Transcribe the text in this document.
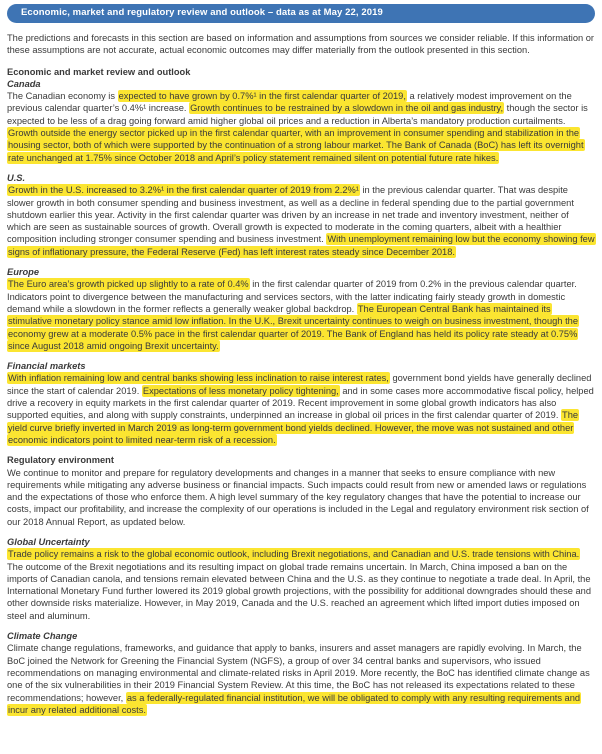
Economic, market and regulatory review and outlook – data as at May 22, 2019

The predictions and forecasts in this section are based on information and assumptions from sources we consider reliable. If this information or these assumptions are not accurate, actual economic outcomes may differ materially from the outlook presented in this section.

Economic and market review and outlook
Canada

The Canadian economy is expected to have grown by 0.7%¹ in the first calendar quarter of 2019, a relatively modest improvement on the previous calendar quarter’s 0.4%¹ increase. Growth continues to be restrained by a slowdown in the oil and gas industry, though the sector is expected to be less of a drag going forward amid higher global oil prices and a reduction in Alberta’s mandatory production curtailments. Growth outside the energy sector picked up in the first calendar quarter, with an improvement in consumer spending and stabilization in the housing sector, both of which were supported by the continuation of a strong labour market. The Bank of Canada (BoC) has left its overnight rate unchanged at 1.75% since October 2018 and April’s policy statement remained silent on potential future rate hikes.

U.S.

Growth in the U.S. increased to 3.2%¹ in the first calendar quarter of 2019 from 2.2%¹ in the previous calendar quarter. That was despite slower growth in both consumer spending and business investment, as well as a decline in federal spending due to the partial government shutdown earlier this year. Activity in the first calendar quarter was driven by an increase in net trade and inventory investment, neither of which are seen as sustainable sources of growth. Overall growth is expected to moderate in the coming quarters, albeit with a healthier composition including stronger consumer spending and business investment. With unemployment remaining low but the economy showing few signs of inflationary pressure, the Federal Reserve (Fed) has left interest rates steady since December 2018.

Europe

The Euro area’s growth picked up slightly to a rate of 0.4% in the first calendar quarter of 2019 from 0.2% in the previous calendar quarter. Indicators point to divergence between the manufacturing and services sectors, with the latter indicating fairly steady growth in domestic demand while a slowdown in the former reflects a generally weaker global backdrop. The European Central Bank has maintained its stimulative monetary policy stance amid low inflation. In the U.K., Brexit uncertainty continues to weigh on business investment, though the economy grew at a moderate 0.5% pace in the first calendar quarter of 2019. The Bank of England has held its policy rate steady at 0.75% since August 2018 amid ongoing Brexit uncertainty.

Financial markets

With inflation remaining low and central banks showing less inclination to raise interest rates, government bond yields have generally declined since the start of calendar 2019. Expectations of less monetary policy tightening, and in some cases more accommodative fiscal policy, helped drive a recovery in equity markets in the first calendar quarter of 2019. Recent improvement in some global growth indicators has also supported equities, and along with supply constraints, underpinned an increase in global oil prices in the first calendar quarter of 2019. The yield curve briefly inverted in March 2019 as long-term government bond yields declined. However, the move was not sustained and other economic indicators point to limited near-term risk of a recession.

Regulatory environment

We continue to monitor and prepare for regulatory developments and changes in a manner that seeks to ensure compliance with new requirements while mitigating any adverse business or financial impacts. Such impacts could result from new or amended laws or regulations and the expectations of those who enforce them. A high level summary of the key regulatory changes that have the potential to increase our costs, impact our profitability, and increase the complexity of our operations is included in the Legal and regulatory environment risk section of our 2018 Annual Report, as updated below.

Global Uncertainty

Trade policy remains a risk to the global economic outlook, including Brexit negotiations, and Canadian and U.S. trade tensions with China. The outcome of the Brexit negotiations and its resulting impact on global trade remains uncertain. In March, China imposed a ban on the imports of Canadian canola, and tensions remain elevated between China and the U.S. as they continue to negotiate a trade deal. In April, the International Monetary Fund further lowered its 2019 global growth projections, with the possibility for additional downgrades should these and other downside risks materialize. However, in May 2019, Canada and the U.S. reached an agreement which lifted import duties imposed on steel and aluminum.

Climate Change

Climate change regulations, frameworks, and guidance that apply to banks, insurers and asset managers are rapidly evolving. In March, the BoC joined the Network for Greening the Financial System (NGFS), a group of over 34 central banks and supervisors, who issued recommendations on managing environmental and climate-related risks in April 2019. More recently, the BoC has identified climate change as one of the six vulnerabilities in their 2019 Financial System Review. At this time, the BoC has not released its expectations related to these recommendations; however, as a federally-regulated financial institution, we will be obligated to comply with any resulting requirements and incur any related additional costs.
